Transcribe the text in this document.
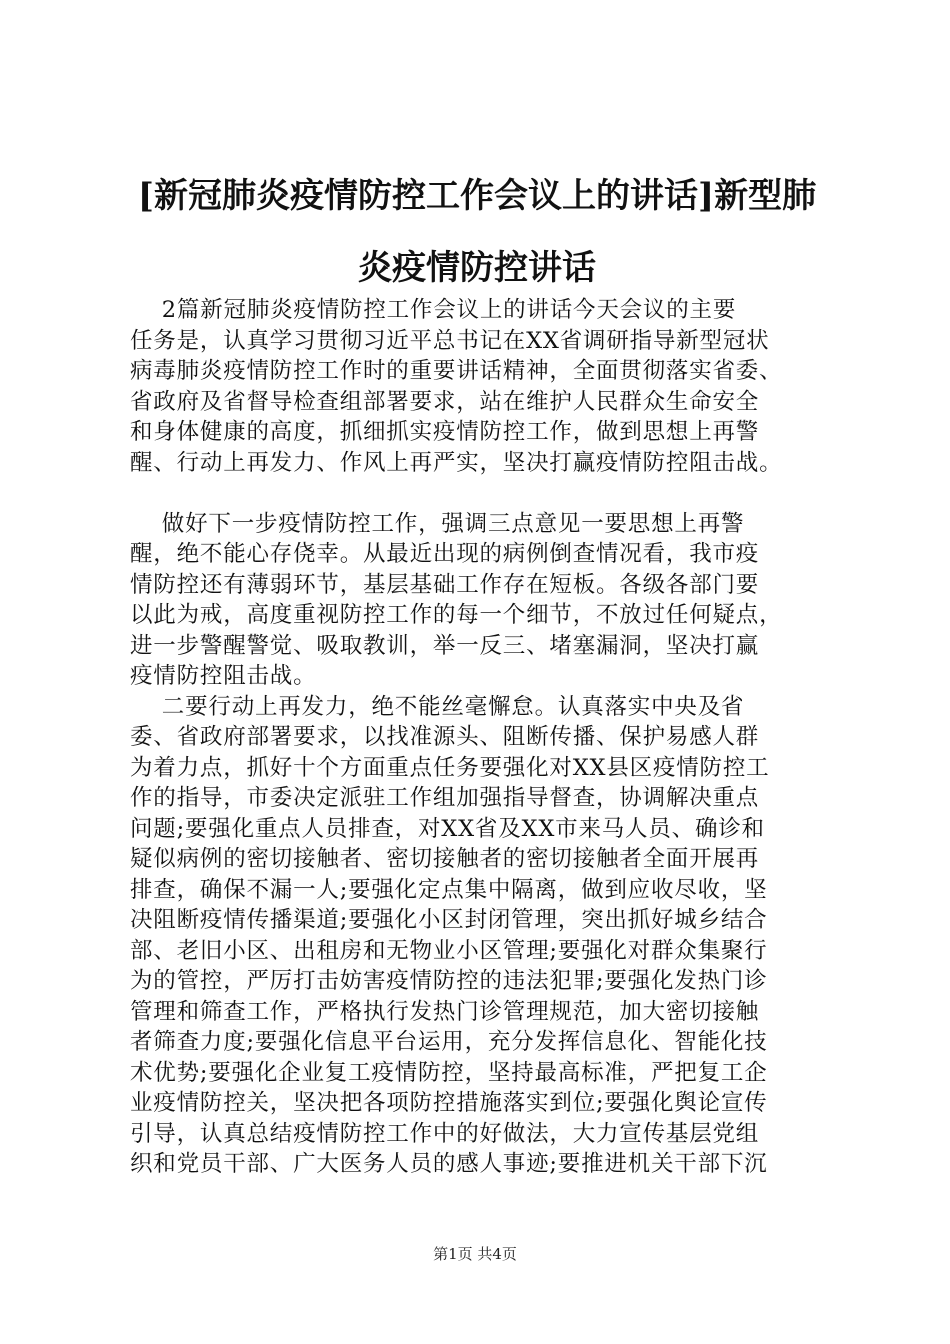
[新冠肺炎疫情防控工作会议上的讲话]新型肺
炎疫情防控讲话
2篇新冠肺炎疫情防控工作会议上的讲话今天会议的主要
任务是，认真学习贯彻习近平总书记在XX省调研指导新型冠状
病毒肺炎疫情防控工作时的重要讲话精神，全面贯彻落实省委、
省政府及省督导检查组部署要求，站在维护人民群众生命安全
和身体健康的高度，抓细抓实疫情防控工作，做到思想上再警
醒、行动上再发力、作风上再严实，坚决打赢疫情防控阻击战。
做好下一步疫情防控工作，强调三点意见一要思想上再警
醒，绝不能心存侥幸。从最近出现的病例倒查情况看，我市疫
情防控还有薄弱环节，基层基础工作存在短板。各级各部门要
以此为戒，高度重视防控工作的每一个细节，不放过任何疑点，
进一步警醒警觉、吸取教训，举一反三、堵塞漏洞，坚决打赢
疫情防控阻击战。
二要行动上再发力，绝不能丝毫懈怠。认真落实中央及省
委、省政府部署要求，以找准源头、阻断传播、保护易感人群
为着力点，抓好十个方面重点任务要强化对XX县区疫情防控工
作的指导，市委决定派驻工作组加强指导督查，协调解决重点
问题;要强化重点人员排查，对XX省及XX市来马人员、确诊和
疑似病例的密切接触者、密切接触者的密切接触者全面开展再
排查，确保不漏一人;要强化定点集中隔离，做到应收尽收，坚
决阻断疫情传播渠道;要强化小区封闭管理，突出抓好城乡结合
部、老旧小区、出租房和无物业小区管理;要强化对群众集聚行
为的管控，严厉打击妨害疫情防控的违法犯罪;要强化发热门诊
管理和筛查工作，严格执行发热门诊管理规范，加大密切接触
者筛查力度;要强化信息平台运用，充分发挥信息化、智能化技
术优势;要强化企业复工疫情防控，坚持最高标准，严把复工企
业疫情防控关，坚决把各项防控措施落实到位;要强化舆论宣传
引导，认真总结疫情防控工作中的好做法，大力宣传基层党组
织和党员干部、广大医务人员的感人事迹;要推进机关干部下沉
第1页 共4页
